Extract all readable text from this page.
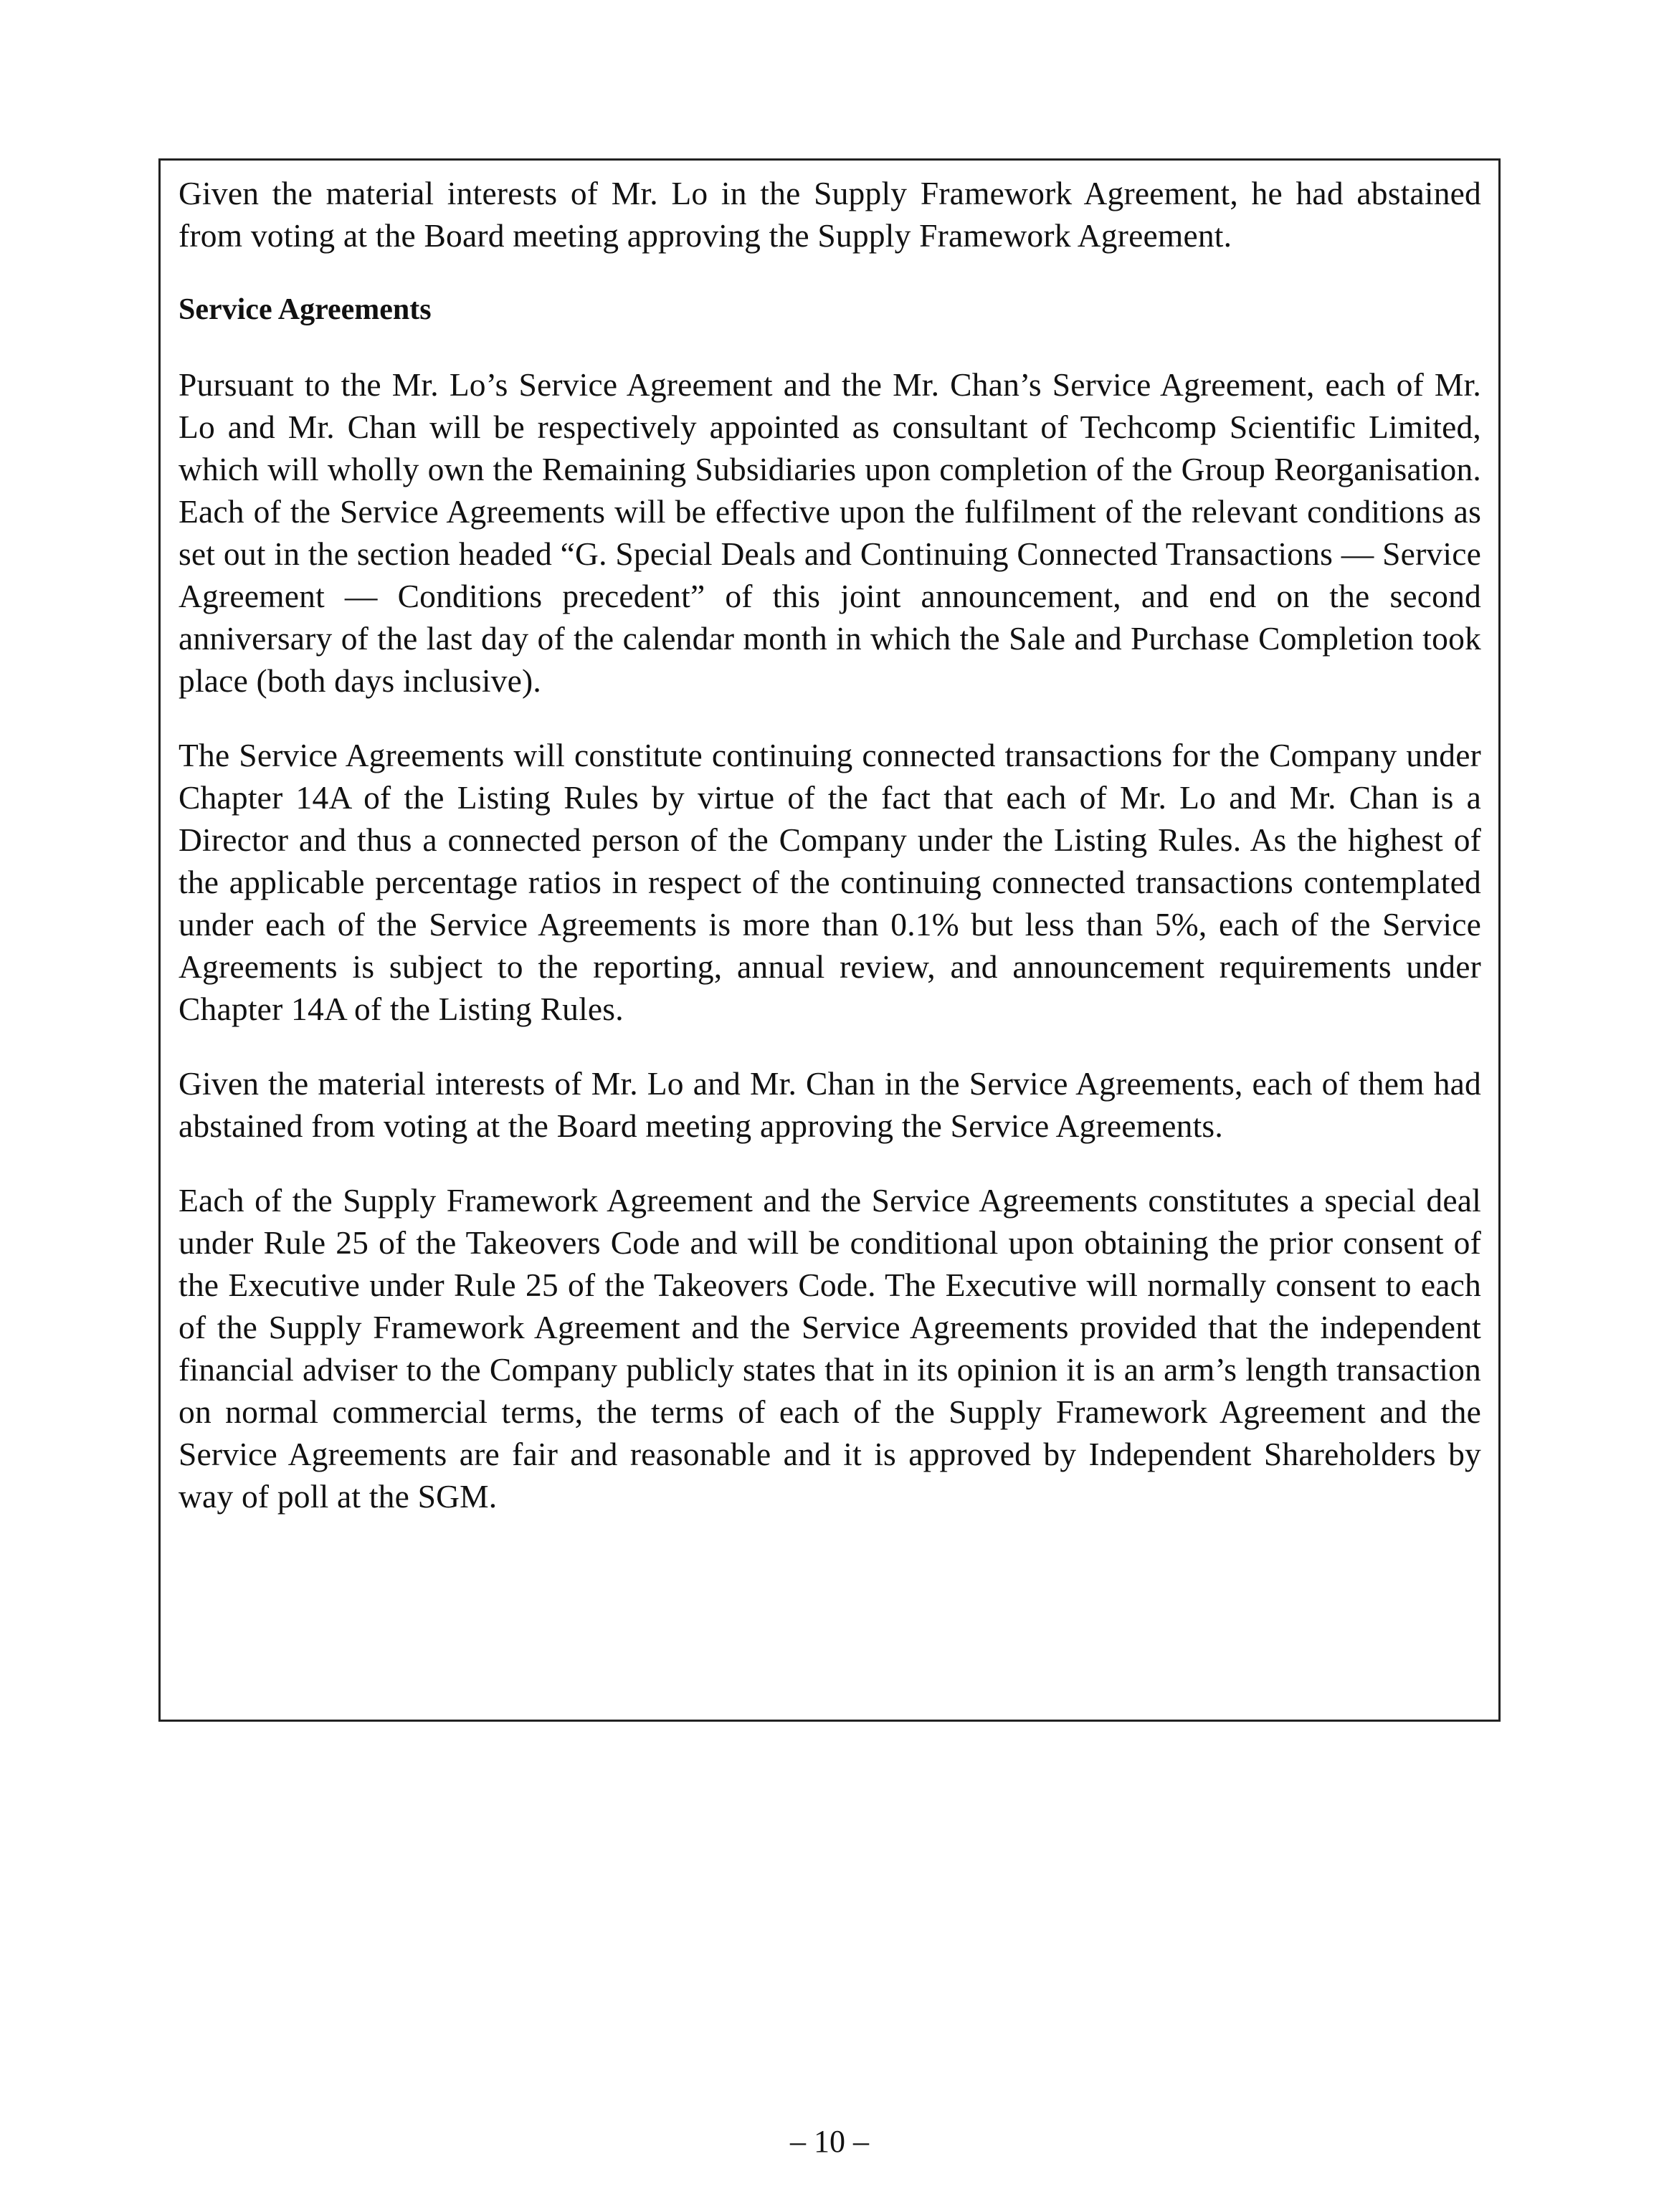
Given the material interests of Mr. Lo in the Supply Framework Agreement, he had abstained from voting at the Board meeting approving the Supply Framework Agreement.

Service Agreements

Pursuant to the Mr. Lo’s Service Agreement and the Mr. Chan’s Service Agreement, each of Mr. Lo and Mr. Chan will be respectively appointed as consultant of Techcomp Scientific Limited, which will wholly own the Remaining Subsidiaries upon completion of the Group Reorganisation. Each of the Service Agreements will be effective upon the fulfilment of the relevant conditions as set out in the section headed “G. Special Deals and Continuing Connected Transactions — Service Agreement — Conditions precedent” of this joint announcement, and end on the second anniversary of the last day of the calendar month in which the Sale and Purchase Completion took place (both days inclusive).

The Service Agreements will constitute continuing connected transactions for the Company under Chapter 14A of the Listing Rules by virtue of the fact that each of Mr. Lo and Mr. Chan is a Director and thus a connected person of the Company under the Listing Rules. As the highest of the applicable percentage ratios in respect of the continuing connected transactions contemplated under each of the Service Agreements is more than 0.1% but less than 5%, each of the Service Agreements is subject to the reporting, annual review, and announcement requirements under Chapter 14A of the Listing Rules.

Given the material interests of Mr. Lo and Mr. Chan in the Service Agreements, each of them had abstained from voting at the Board meeting approving the Service Agreements.

Each of the Supply Framework Agreement and the Service Agreements constitutes a special deal under Rule 25 of the Takeovers Code and will be conditional upon obtaining the prior consent of the Executive under Rule 25 of the Takeovers Code. The Executive will normally consent to each of the Supply Framework Agreement and the Service Agreements provided that the independent financial adviser to the Company publicly states that in its opinion it is an arm’s length transaction on normal commercial terms, the terms of each of the Supply Framework Agreement and the Service Agreements are fair and reasonable and it is approved by Independent Shareholders by way of poll at the SGM.

– 10 –
